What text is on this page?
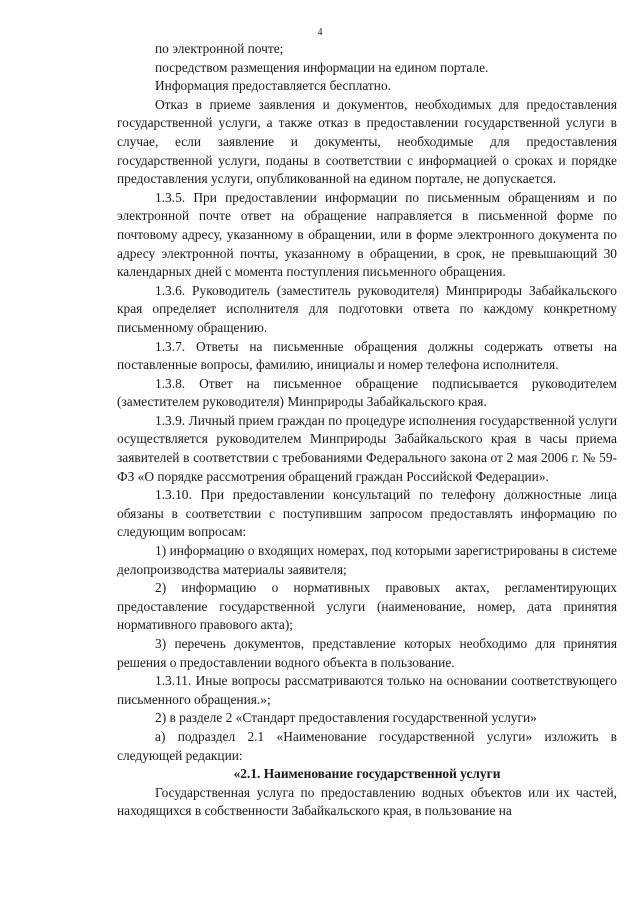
4

по электронной почте;

посредством размещения информации на едином портале.

Информация предоставляется бесплатно.

Отказ в приеме заявления и документов, необходимых для предоставления государственной услуги, а также отказ в предоставлении государственной услуги в случае, если заявление и документы, необходимые для предоставления государственной услуги, поданы в соответствии с информацией о сроках и порядке предоставления услуги, опубликованной на едином портале, не допускается.

1.3.5. При предоставлении информации по письменным обращениям и по электронной почте ответ на обращение направляется в письменной форме по почтовому адресу, указанному в обращении, или в форме электронного документа по адресу электронной почты, указанному в обращении, в срок, не превышающий 30 календарных дней с момента поступления письменного обращения.

1.3.6. Руководитель (заместитель руководителя) Минприроды Забайкальского края определяет исполнителя для подготовки ответа по каждому конкретному письменному обращению.

1.3.7. Ответы на письменные обращения должны содержать ответы на поставленные вопросы, фамилию, инициалы и номер телефона исполнителя.

1.3.8. Ответ на письменное обращение подписывается руководителем (заместителем руководителя) Минприроды Забайкальского края.

1.3.9. Личный прием граждан по процедуре исполнения государственной услуги осуществляется руководителем Минприроды Забайкальского края в часы приема заявителей в соответствии с требованиями Федерального закона от 2 мая 2006 г. № 59-ФЗ «О порядке рассмотрения обращений граждан Российской Федерации».

1.3.10. При предоставлении консультаций по телефону должностные лица обязаны в соответствии с поступившим запросом предоставлять информацию по следующим вопросам:

1) информацию о входящих номерах, под которыми зарегистрированы в системе делопроизводства материалы заявителя;

2) информацию о нормативных правовых актах, регламентирующих предоставление государственной услуги (наименование, номер, дата принятия нормативного правового акта);

3) перечень документов, представление которых необходимо для принятия решения о предоставлении водного объекта в пользование.

1.3.11. Иные вопросы рассматриваются только на основании соответствующего письменного обращения.»;

2) в разделе 2 «Стандарт предоставления государственной услуги»

а) подраздел 2.1 «Наименование государственной услуги» изложить в следующей редакции:

«2.1. Наименование государственной услуги

Государственная услуга по предоставлению водных объектов или их частей, находящихся в собственности Забайкальского края, в пользование на
